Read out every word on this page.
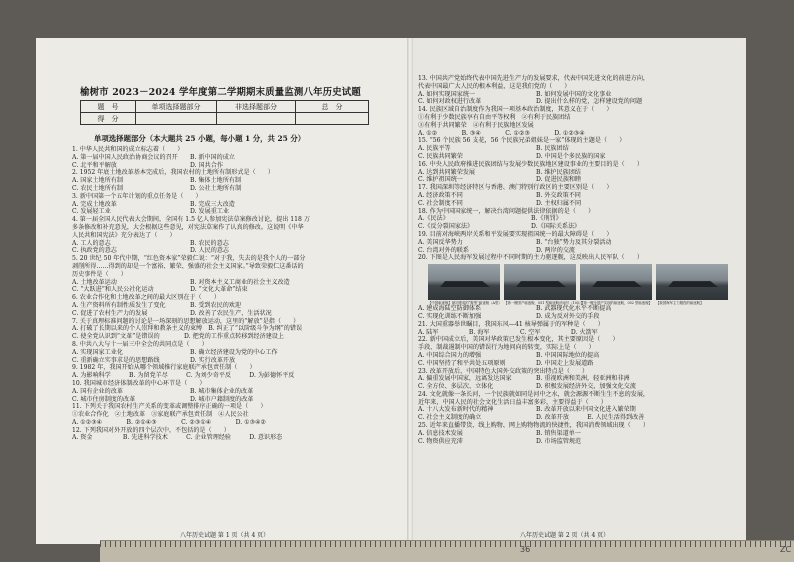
榆树市 2023－2024 学年度第二学期期末质量监测八年历史试题
题　号	单项选择题部分	非选择题部分	总　分
得　分			
单项选择题部分（本大题共 25 小题，每小题 1 分，共 25 分）
1. 中华人民共和国的成立标志着（　　）
A. 第一届中国人民政治协商会议的召开　　B. 新中国的成立
C. 北平和平解放　　　　　　　　　　　　D. 国共合作
2. 1952 年底土地改革基本完成后，我国农村的土地所有制形式是（　　）
A. 国家土地所有制　　　　　　　　　　　B. 集体土地所有制
C. 农民土地所有制　　　　　　　　　　　D. 公社土地所有制
3. 新中国第一个五年计划的重点任务是（　　）
A. 完成土地改革　　　　　　　　　　　　B. 完成三大改造
C. 发展轻工业　　　　　　　　　　　　　D. 发展重工业
4. 第一届全国人民代表大会期间，全国有 1.5 亿人参加宪法草案修改讨论，提出 118 万
多条修改和补充意见，大会根据这些意见，对宪法草案作了认真的修改。这说明《中华
人民共和国宪法》充分表达了（　　）
A. 工人的意志　　　　　　　　　　　　　B. 农民的意志
C. 执政党的意志　　　　　　　　　　　　D. 人民的意志
5. 20 世纪 50 年代中期，“红色资本家”荣毅仁说：“对于我，失去的是我个人的一部分
剥削所得……得到的却是一个富裕、繁荣、强盛的社会主义国家。”导致荣毅仁这番话的
历史事件是（　　）
A. 土地改革运动　　　　　　　　　　　　B. 对资本主义工商业的社会主义改造
C. “大跃进”和人民公社化运动　　　　　　D. “文化大革命”结束
6. 农业合作化和土地改革之间的最大区别在于（　　）
A. 生产资料所有制性质发生了变化　　　　B. 受到农民的欢迎
C. 促进了农村生产力的发展　　　　　　　D. 改善了农民生产、生活状况
7. 关于真理标准问题的讨论是一场深刻的思想解放运动，这里的“解放”是指（　　）
A. 打破了长期以来的个人崇拜和教条主义的束缚　B. 纠正了“以阶级斗争为纲”的错误
C. 使全党认识到“文革”是错误的　　　　D. 把党的工作重点转移到经济建设上
8. 中共八大与十一届三中全会的共同点是（　　）
A. 实现国家工业化　　　　　　　　　　　B. 确立经济建设为党的中心工作
C. 重新确立实事求是的思想路线　　　　　D. 实行改革开放
9. 1982 年，我国开始从哪个领域推行家庭联产承包责任制（　　）
A. 为影响科学　　　B. 为留党羊尽　　　C. 为刘少奇平反　　　D. 为彭德怀平反
10. 我国城市经济体制改革的中心环节是（　　）
A. 国有企业的改革　　　　　　　　　　　B. 城市集体企业的改革
C. 城市住房制度的改革　　　　　　　　　D. 城市户籍制度的改革
11. 下列关于我国农村生产关系的变革或调整排序正确的一项是（　　）
①农业合作化　②土地改革　③家庭联产承包责任制　④人民公社
A. ①②③④　　　　B. ②①④③　　　　C. ②③①④　　　　D. ①③④②
12. 下列我国对外开放的四个层次中，不包括的是（　　）
A. 资金　　　　　B. 先进科学技术　　　C. 企业管理经验　　　D. 意识形态
13. 中国共产党始终代表中国先进生产力的发展要求，代表中国先进文化的前进方向，
代表中国最广大人民的根本利益，这是我们党的（　　）
A. 如何实现国家统一　　　　　　　　　　B. 如何发展中国的文化事业
C. 如何对政权进行改革　　　　　　　　　D. 提出什么样的党，怎样建设党的问题
14. 民族区域自治制度作为我国一项基本政治制度，其意义在于（　　）
①有利于少数民族享有自由平等权利　②有利于民族团结
③有利于共同繁荣　④有利于民族地区发展
A. ①②　　　　B. ③④　　　　C. ①②③　　　　D. ①②③④
15. “56 个民族 56 支花，56 个民族兄弟姐妹是一家”体现的主题是（　　）
A. 民族平等　　　　　　　　　　　　　　B. 民族团结
C. 民族共同繁荣　　　　　　　　　　　　D. 中国是个多民族的国家
16. 中央人民政府推进民族团结与发展少数民族地区建设事业的主要目的是（　　）
A. 达到共同繁荣发展　　　　　　　　　　B. 维护民族团结
C. 维护祖国统一　　　　　　　　　　　　D. 促进民族和睦
17. 我国深圳等经济特区与香港、澳门特别行政区的主要区别是（　　）
A. 经济政策不同　　　　　　　　　　　　B. 外交政策不同
C. 社会制度不同　　　　　　　　　　　　D. 主权归属不同
18. 作为中国国家统一，解决台湾问题提供法律依据的是（　　）
A.《民法》　　　　　　　　　　　　　　B.《刑罚》
C.《反分裂国家法》　　　　　　　　　　D.《国际关系法》
19. 目前对海峡两岸关系和平发展要实现祖国统一的最大障碍是（　　）
A. 美国反华势力　　　　　　　　　　　　B. “台独”势力及其分裂活动
C. 台湾对外的联系　　　　　　　　　　　D. 两岸的交流
20. 下图是人民海军发展过程中不同时期的主力驱逐舰，这反映出人民军队（　　）
【中国驱逐舰】最初建成的“鞍型”驱逐舰（A型） 【第一艘国产驱逐舰，051 型驱逐舰济南号（105）】
【第一艘全国产实现的驱逐舰，052 型驱逐舰】 【我国海军主力服役的驱逐舰】
A. 建成海陆空防御体系　　　　　　　　　B. 武器现代化水平不断提高
C. 实现化训练不断加强　　　　　　　　　D. 成为反对外交的手段
21. 大国重器举世瞩目，我国东风—41 核导弹属于的军种是（　　）
A. 陆军　　　　　B. 海军　　　　　C. 空军　　　　　D. 火箭军
22. 新中国成立后，美国对华政策已发生根本变化，其主要原因是（　　）
手段、制裁遏制中国的错误行为地问向的转变，实际上是（　　）
A. 中国综合国力的增强　　　　　　　　　B. 中国国际地位的提高
C. 中国坚持了和平共处五项原则　　　　　D. 中国走上发展道路
23. 改革开放后，中国特色大国外交政策的突出特点是（　　）
A. 偏重发展中国家，远离发达国家　　　　B. 重视欧洲和美洲，轻亚洲和非洲
C. 全方位、多层次、立体化　　　　　　　D. 积极发展经济外交，加强文化交流
24. 文化就像一条长河，一个民族就如同是河中之水，就会源源不断生生不息的发展，
近年来，中国人民的社会文化生活日益丰富多彩，主要得益于（　　）
A. 十八大发布新时代的精神　　　　　　　B. 改革开放以来中国文化进入繁荣期
C. 社会主义制度的确立　　　　　　　　　D. 改革开放　　　E. 人民生活得到改善
25. 近年来直播带货、线上购物、网上购物物流的快捷性，我国消费领域出现（　　）
A. 信息技术发展　　　　　　　　　　　　B. 销售渠道单一
C. 物资供应充沛　　　　　　　　　　　　D. 市场监管规范
八年历史试题 第 1 页（共 4 页）	八年历史试题 第 2 页（共 4 页）
36	ZC
